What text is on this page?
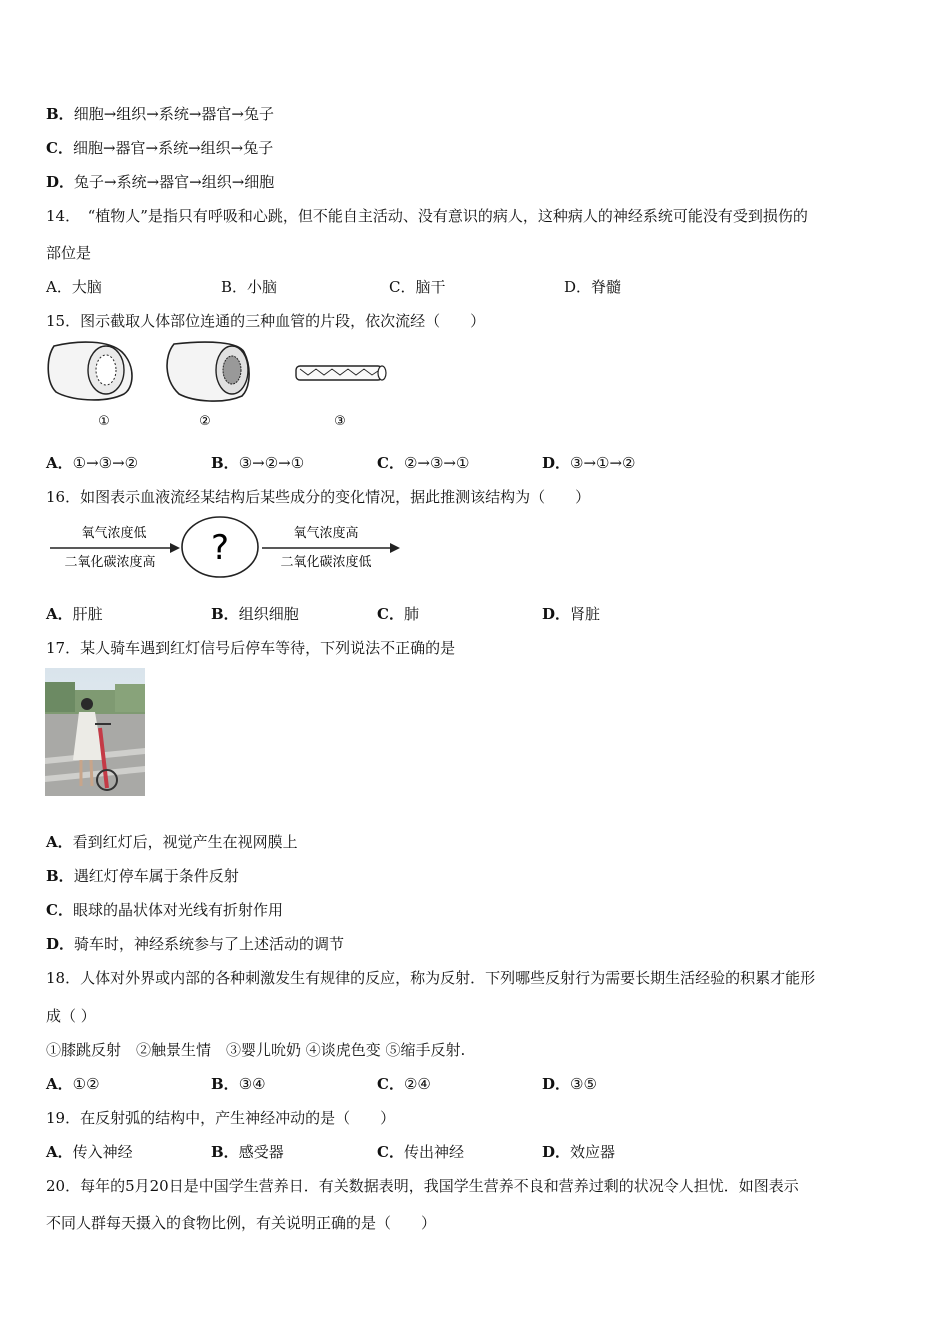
B．细胞→组织→系统→器官→兔子
C．细胞→器官→系统→组织→兔子
D．兔子→系统→器官→组织→细胞
14．　“植物人”是指只有呼吸和心跳，但不能自主活动、没有意识的病人，这种病人的神经系统可能没有受到损伤的
部位是
A．大脑	B．小脑	C．脑干	D．脊髓
15．图示截取人体部位连通的三种血管的片段，依次流经（　　）
①	②	③
A．①→③→②	B．③→②→①	C．②→③→①	D．③→①→②
16．如图表示血液流经某结构后某些成分的变化情况，据此推测该结构为（　　）
氧气浓度低
二氧化碳浓度高 ?	氧气浓度高
二氧化碳浓度低
A．肝脏	B．组织细胞	C．肺	D．肾脏
17．某人骑车遇到红灯信号后停车等待，下列说法不正确的是
A．看到红灯后，视觉产生在视网膜上
B．遇红灯停车属于条件反射
C．眼球的晶状体对光线有折射作用
D．骑车时，神经系统参与了上述活动的调节
18．人体对外界或内部的各种刺激发生有规律的反应，称为反射．下列哪些反射行为需要长期生活经验的积累才能形
成（ ）
①膝跳反射　②触景生情　③婴儿吮奶 ④谈虎色变 ⑤缩手反射.
A．①②	B．③④	C．②④	D．③⑤
19．在反射弧的结构中，产生神经冲动的是（　　）
A．传入神经	B．感受器	C．传出神经	D．效应器
20．每年的5月20日是中国学生营养日．有关数据表明，我国学生营养不良和营养过剩的状况令人担忧．如图表示
不同人群每天摄入的食物比例，有关说明正确的是（　　）
